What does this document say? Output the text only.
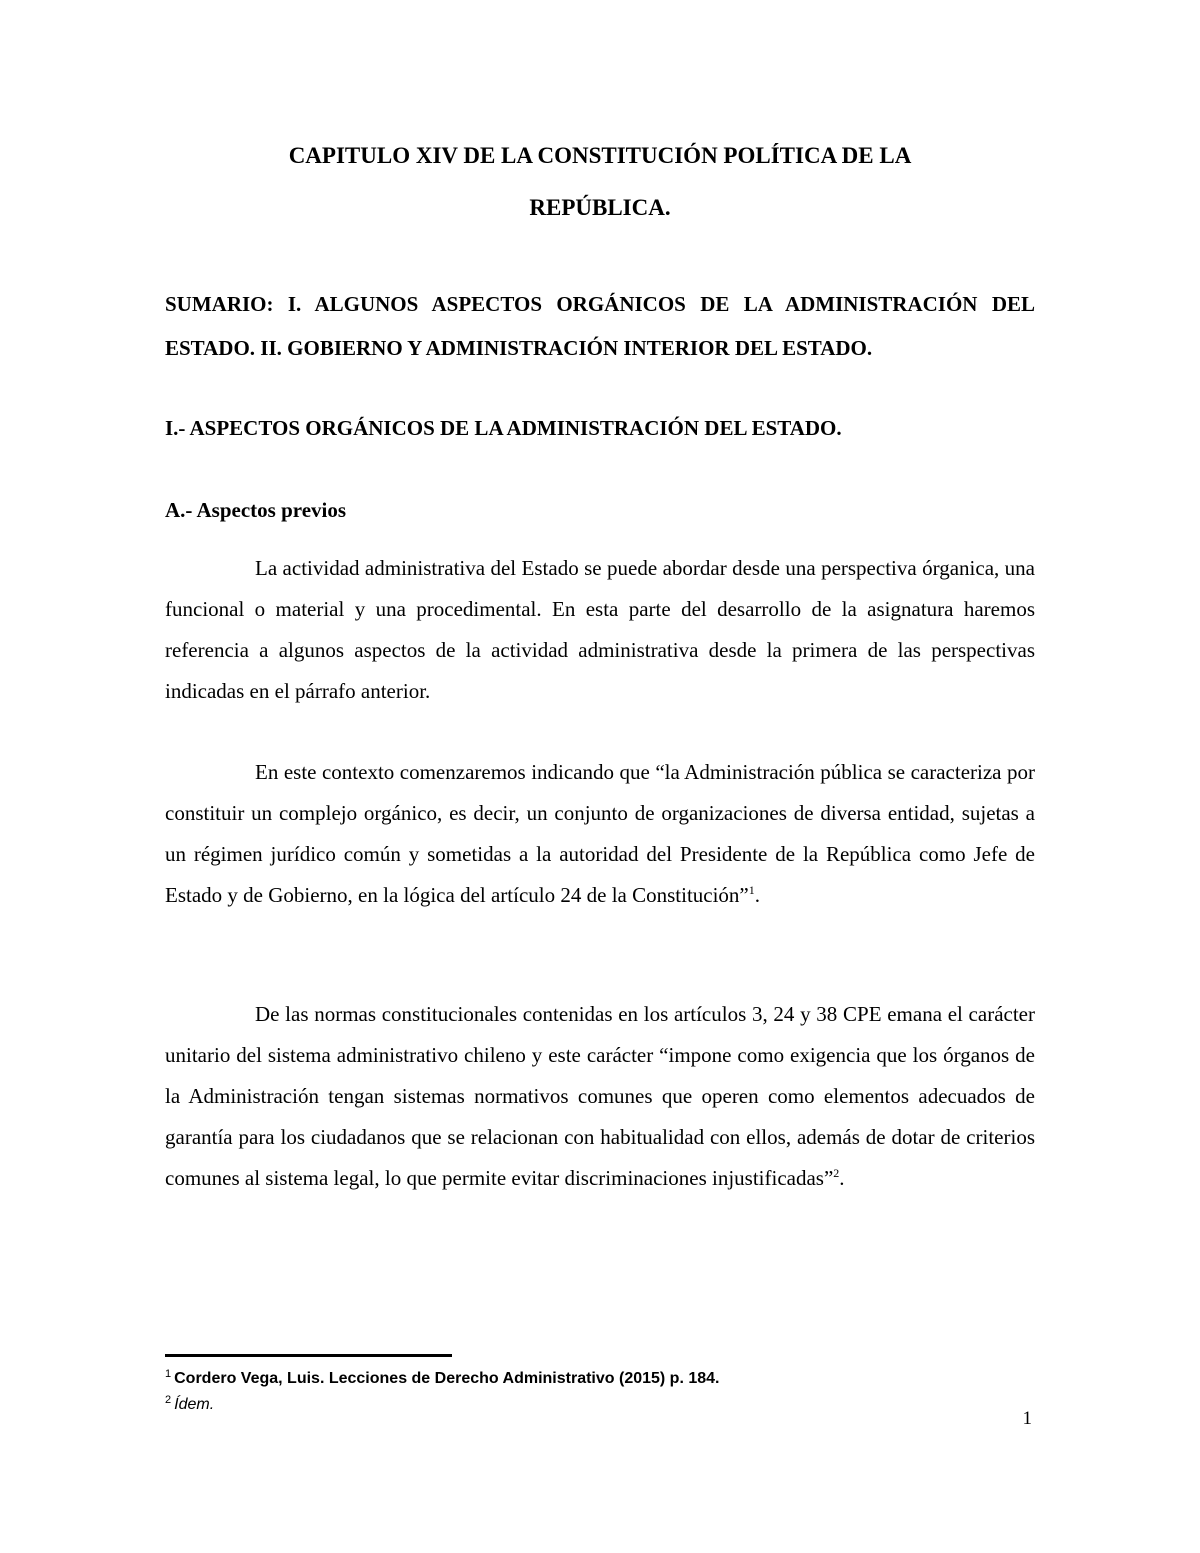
CAPITULO XIV DE LA CONSTITUCIÓN POLÍTICA DE LA
REPÚBLICA.

SUMARIO: I. ALGUNOS ASPECTOS ORGÁNICOS DE LA ADMINISTRACIÓN DEL ESTADO. II. GOBIERNO Y ADMINISTRACIÓN INTERIOR DEL ESTADO.

I.- ASPECTOS ORGÁNICOS DE LA ADMINISTRACIÓN DEL ESTADO.
A.- Aspectos previos

La actividad administrativa del Estado se puede abordar desde una perspectiva órganica, una funcional o material y una procedimental. En esta parte del desarrollo de la asignatura haremos referencia a algunos aspectos de la actividad administrativa desde la primera de las perspectivas indicadas en el párrafo anterior.

En este contexto comenzaremos indicando que “la Administración pública se caracteriza por constituir un complejo orgánico, es decir, un conjunto de organizaciones de diversa entidad, sujetas a un régimen jurídico común y sometidas a la autoridad del Presidente de la República como Jefe de Estado y de Gobierno, en la lógica del artículo 24 de la Constitución”$^1$.

De las normas constitucionales contenidas en los artículos 3, 24 y 38 CPE emana el carácter unitario del sistema administrativo chileno y este carácter “impone como exigencia que los órganos de la Administración tengan sistemas normativos comunes que operen como elementos adecuados de garantía para los ciudadanos que se relacionan con habitualidad con ellos, además de dotar de criterios comunes al sistema legal, lo que permite evitar discriminaciones injustificadas”$^2$.

$^1$ Cordero Vega, Luis. Lecciones de Derecho Administrativo (2015) p. 184.

$^2$ Ídem.

1
